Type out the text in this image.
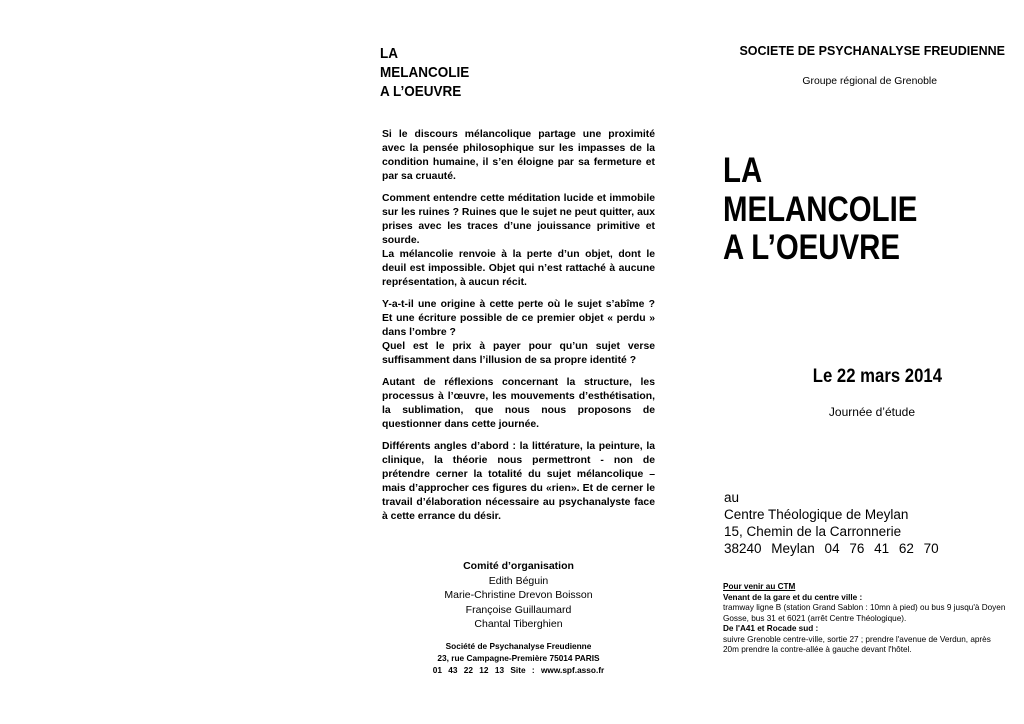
LA
MELANCOLIE
A L’OEUVRE

Si le discours mélancolique partage une proximité avec la pensée philosophique sur les impasses de la condition humaine, il s’en éloigne par sa fermeture et par sa cruauté.

Comment entendre cette méditation lucide et immobile sur les ruines ? Ruines que le sujet ne peut quitter, aux prises avec les traces d’une jouissance primitive et sourde.
La mélancolie renvoie à la perte d’un objet, dont le deuil est impossible. Objet qui n’est rattaché à aucune représentation, à aucun récit.

Y-a-t-il une origine à cette perte où le sujet s’abîme ? Et une écriture possible de ce premier objet « perdu » dans l’ombre ?
Quel est le prix à payer pour qu’un sujet verse suffisamment dans l’illusion de sa propre identité ?

Autant de réflexions concernant la structure, les processus à l’œuvre, les mouvements d’esthétisation, la sublimation, que nous nous proposons de questionner dans cette journée.

Différents angles d’abord : la littérature, la peinture, la clinique, la théorie nous permettront - non de prétendre cerner la totalité du sujet mélancolique – mais d’approcher ces figures du «rien». Et de cerner le travail d’élaboration nécessaire au psychanalyste face à cette errance du désir.

Comité d’organisation
Edith Béguin
Marie-Christine Drevon Boisson
Françoise Guillaumard
Chantal Tiberghien
Société de Psychanalyse Freudienne
23, rue Campagne-Première 75014 PARIS
01 43 22 12 13 Site : www.spf.asso.fr
SOCIETE DE PSYCHANALYSE FREUDIENNE
Groupe régional de Grenoble
LA
MELANCOLIE
A L’OEUVRE
Le 22 mars 2014
Journée d’étude
au
Centre Théologique de Meylan
15, Chemin de la Carronnerie
38240 Meylan 04 76 41 62 70
Pour venir au CTM
Venant de la gare et du centre ville :
tramway ligne B (station Grand Sablon : 10mn à pied) ou bus 9 jusqu'à Doyen Gosse, bus 31 et 6021 (arrêt Centre Théologique).
De l'A41 et Rocade sud :
suivre Grenoble centre-ville, sortie 27 ; prendre l'avenue de Verdun, après 20m prendre la contre-allée à gauche devant l'hôtel.
